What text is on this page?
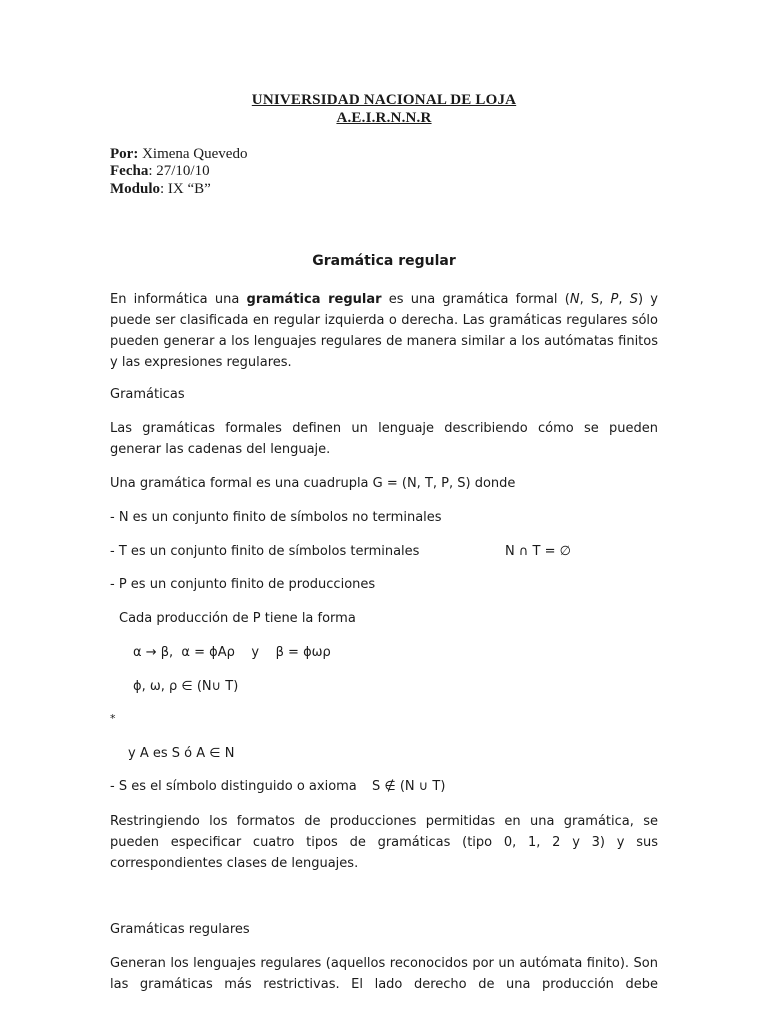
UNIVERSIDAD NACIONAL DE LOJA
A.E.I.R.N.N.R
Por: Ximena Quevedo
Fecha: 27/10/10
Modulo: IX “B”
Gramática regular
En informática una gramática regular es una gramática formal (N, S, P, S) y puede ser clasificada en regular izquierda o derecha. Las gramáticas regulares sólo pueden generar a los lenguajes regulares de manera similar a los autómatas finitos y las expresiones regulares.
Gramáticas
Las gramáticas formales definen un lenguaje describiendo cómo se pueden generar las cadenas del lenguaje.
Una gramática formal es una cuadrupla G = (N, T, P, S) donde
- N es un conjunto finito de símbolos no terminales
- T es un conjunto finito de símbolos terminales	N ∩ T = ∅
- P es un conjunto finito de producciones
Cada producción de P tiene la forma
α → β,  α = ϕAρ    y    β = ϕωρ
ϕ, ω, ρ ∈ (N∪ T)
*
y A es S ó A ∈ N
- S es el símbolo distinguido o axioma	S ∉ (N ∪ T)
Restringiendo los formatos de producciones permitidas en una gramática, se pueden especificar cuatro tipos de gramáticas (tipo 0, 1, 2 y 3) y sus correspondientes clases de lenguajes.
Gramáticas regulares
Generan los lenguajes regulares (aquellos reconocidos por un autómata finito). Son las gramáticas más restrictivas. El lado derecho de una producción debe
